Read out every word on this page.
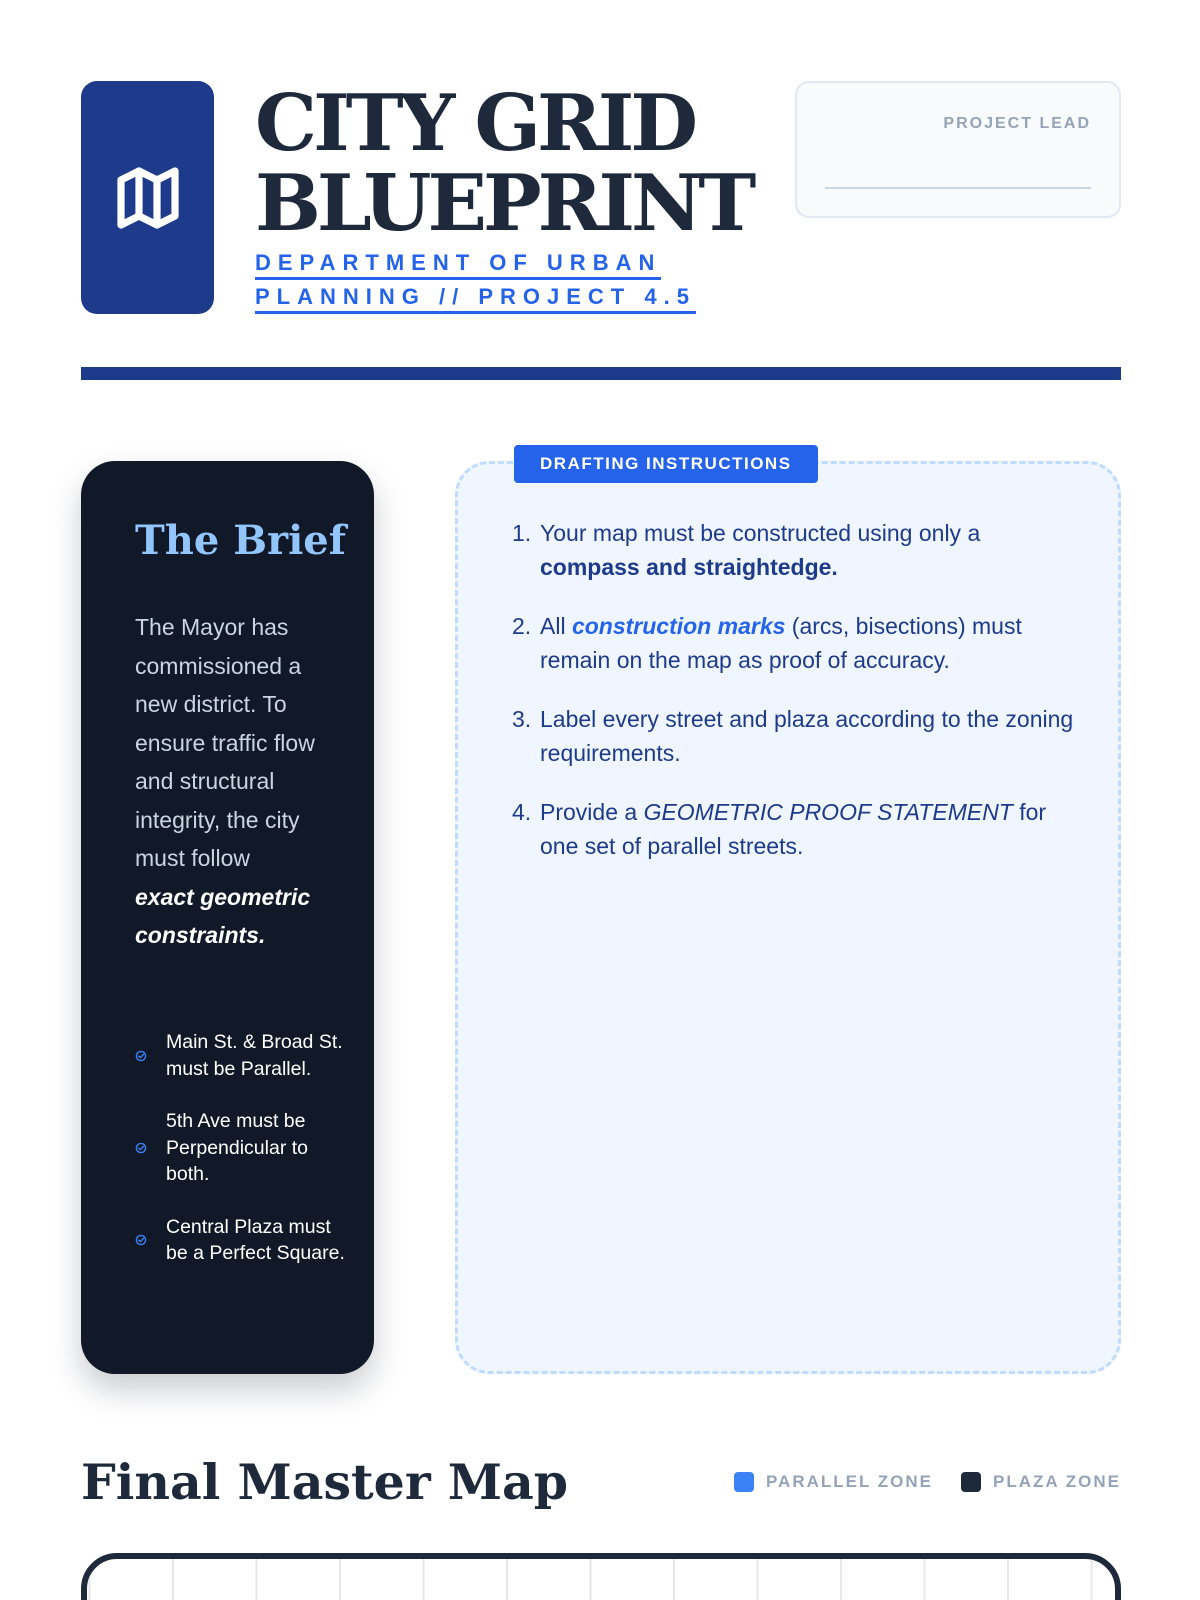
CITY GRID
BLUEPRINT
DEPARTMENT OF URBAN
PLANNING // PROJECT 4.5
PROJECT LEAD
The Brief

The Mayor has commissioned a new district. To ensure traffic flow and structural integrity, the city must follow
exact geometric constraints.

Main St. & Broad St. must be Parallel.
5th Ave must be Perpendicular to both.
Central Plaza must be a Perfect Square.
DRAFTING INSTRUCTIONS
1. Your map must be constructed using only a compass and straightedge.
2. All construction marks (arcs, bisections) must remain on the map as proof of accuracy.
3. Label every street and plaza according to the zoning requirements.
4. Provide a GEOMETRIC PROOF STATEMENT for one set of parallel streets.
Final Master Map	PARALLEL ZONE	PLAZA ZONE
